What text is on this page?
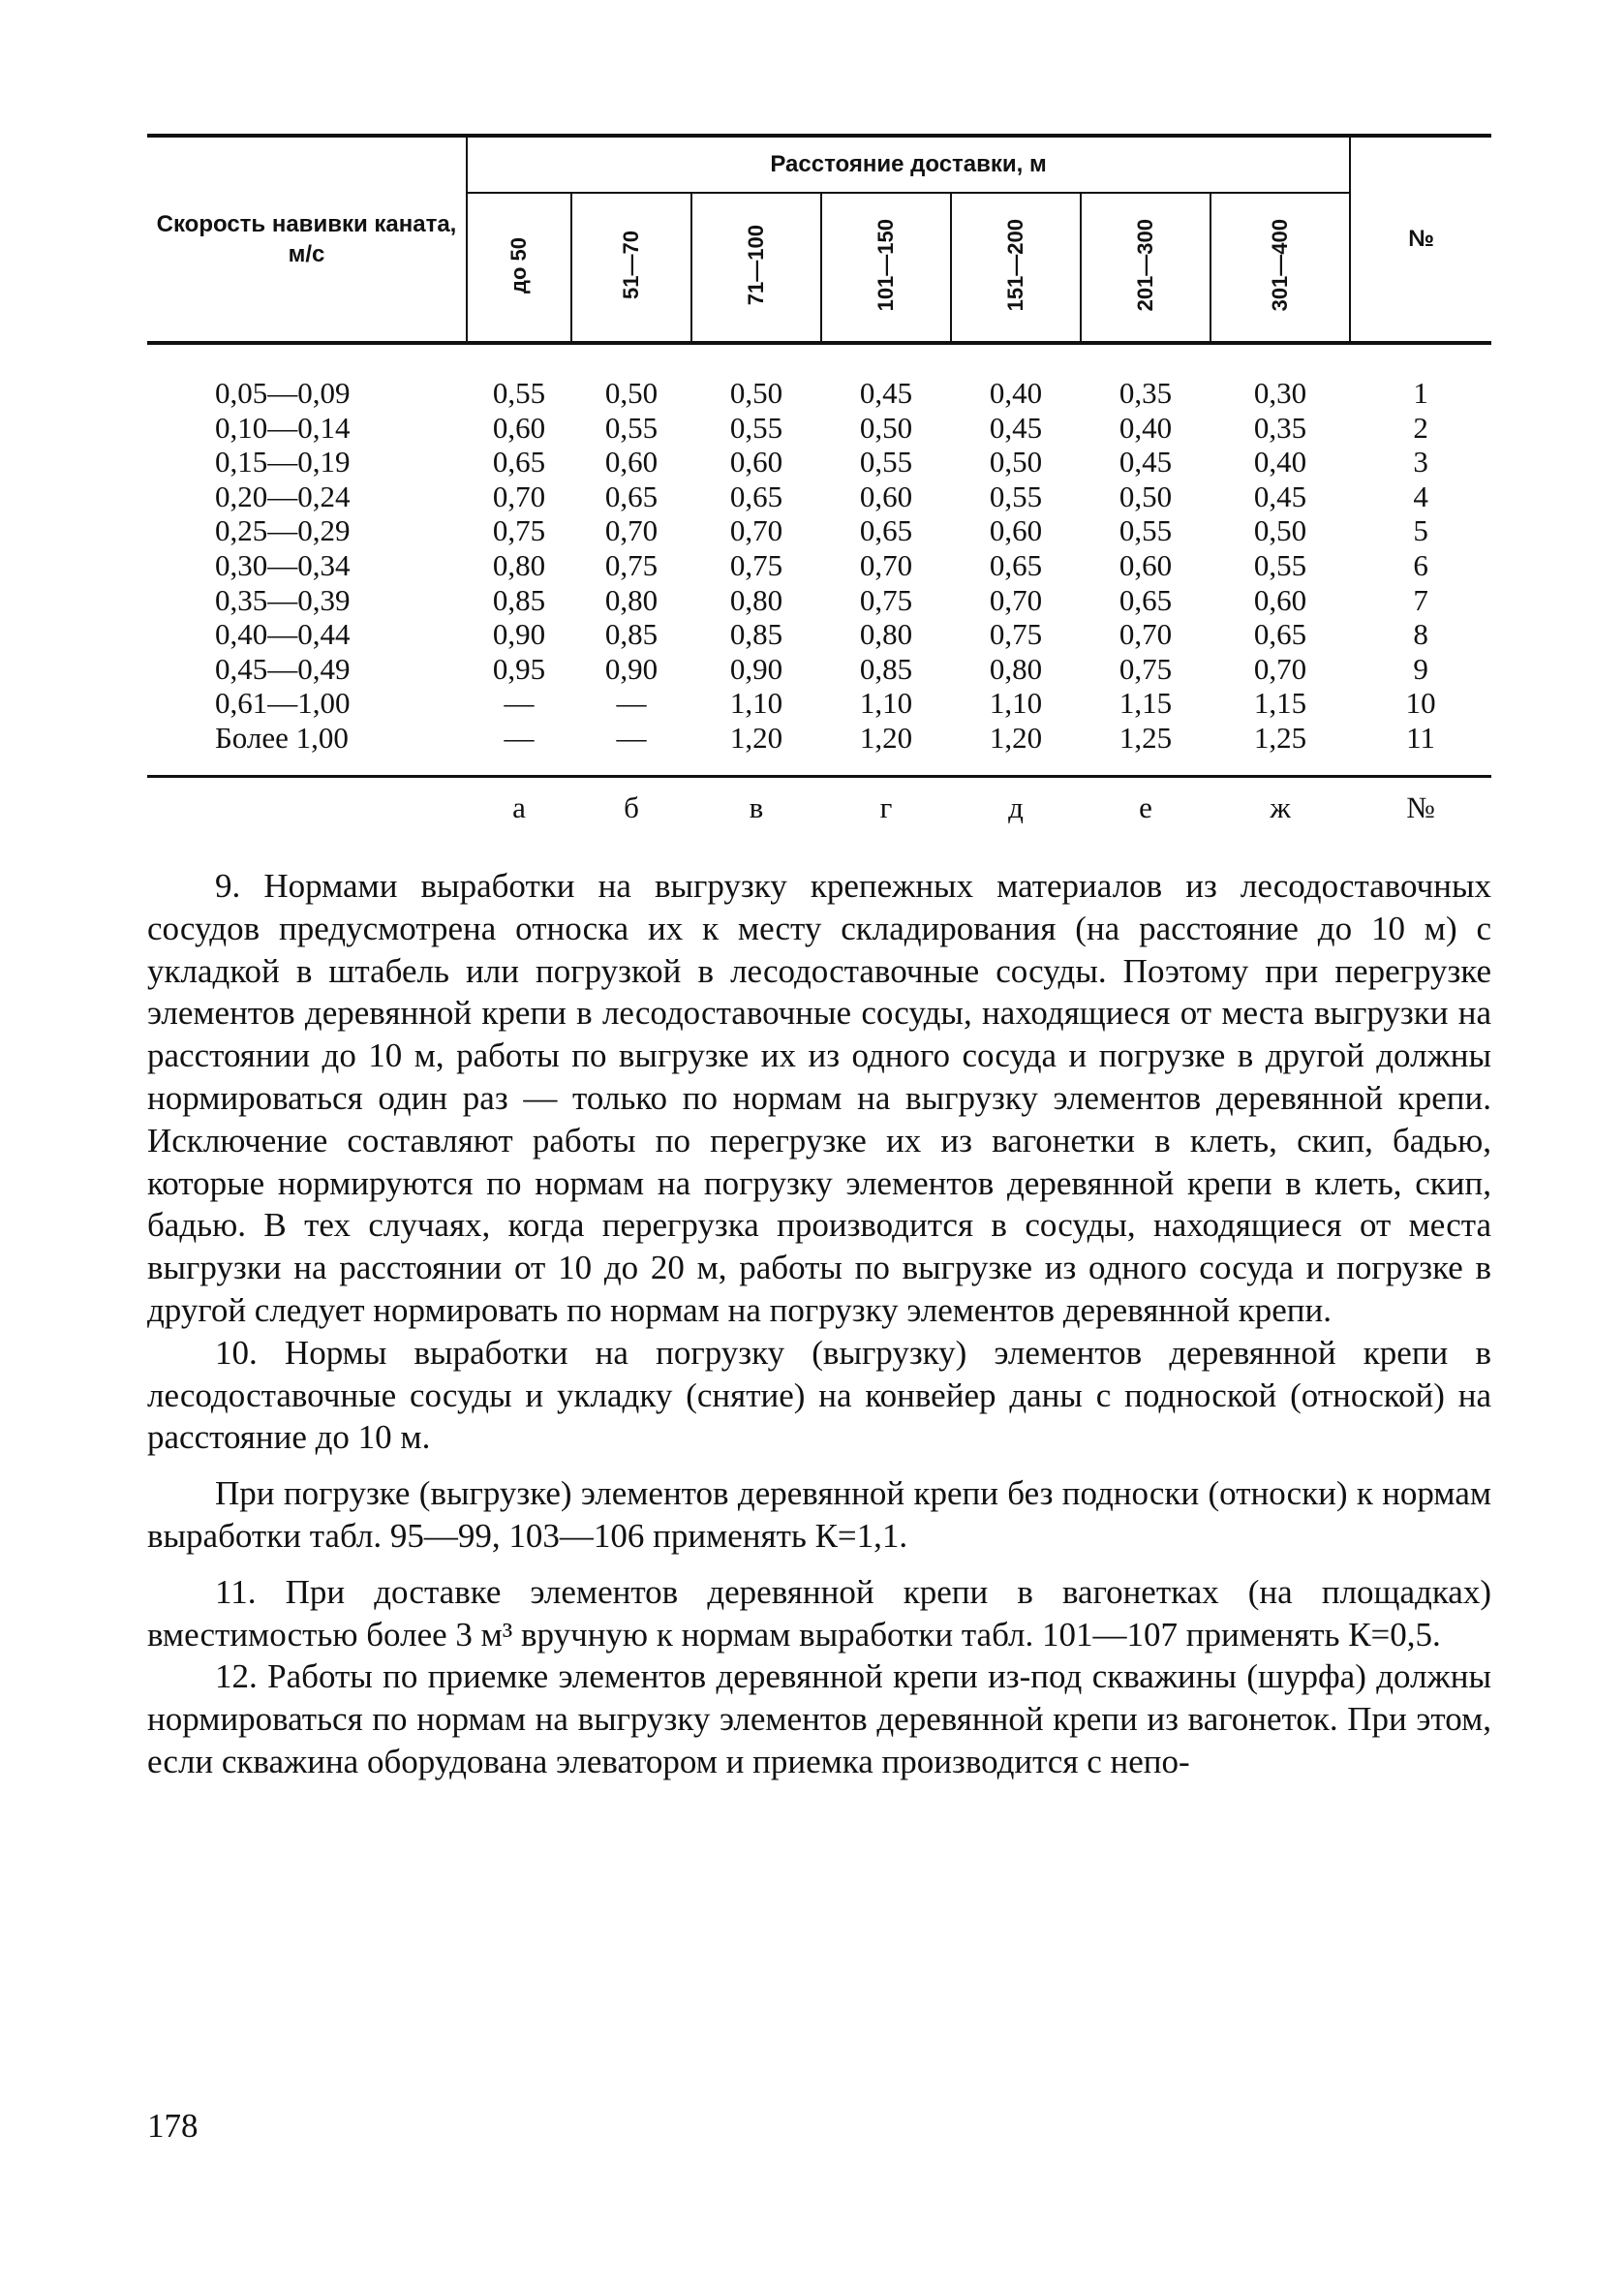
Скорость навивки каната, м/с	Расстояние доставки, м							№
	до 50	51—70	71—100	101—150	151—200	201—300	301—400	

0,05—0,09	0,55	0,50	0,50	0,45	0,40	0,35	0,30	1
0,10—0,14	0,60	0,55	0,55	0,50	0,45	0,40	0,35	2
0,15—0,19	0,65	0,60	0,60	0,55	0,50	0,45	0,40	3
0,20—0,24	0,70	0,65	0,65	0,60	0,55	0,50	0,45	4
0,25—0,29	0,75	0,70	0,70	0,65	0,60	0,55	0,50	5
0,30—0,34	0,80	0,75	0,75	0,70	0,65	0,60	0,55	6
0,35—0,39	0,85	0,80	0,80	0,75	0,70	0,65	0,60	7
0,40—0,44	0,90	0,85	0,85	0,80	0,75	0,70	0,65	8
0,45—0,49	0,95	0,90	0,90	0,85	0,80	0,75	0,70	9
0,61—1,00	—	—	1,10	1,10	1,10	1,15	1,15	10
Более 1,00	—	—	1,20	1,20	1,20	1,25	1,25	11

	а	б	в	г	д	е	ж	№

9. Нормами выработки на выгрузку крепежных материалов из лесодоставочных сосудов предусмотрена относка их к месту складирования (на расстояние до 10 м) с укладкой в штабель или погрузкой в лесодоставочные сосуды. Поэтому при перегрузке элементов деревянной крепи в лесодоставочные сосуды, находящиеся от места выгрузки на расстоянии до 10 м, работы по выгрузке их из одного сосуда и погрузке в другой должны нормироваться один раз — только по нормам на выгрузку элементов деревянной крепи. Исключение составляют работы по перегрузке их из вагонетки в клеть, скип, бадью, которые нормируются по нормам на погрузку элементов деревянной крепи в клеть, скип, бадью. В тех случаях, когда перегрузка производится в сосуды, находящиеся от места выгрузки на расстоянии от 10 до 20 м, работы по выгрузке из одного сосуда и погрузке в другой следует нормировать по нормам на погрузку элементов деревянной крепи.

10. Нормы выработки на погрузку (выгрузку) элементов деревянной крепи в лесодоставочные сосуды и укладку (снятие) на конвейер даны с подноской (отноской) на расстояние до 10 м.

При погрузке (выгрузке) элементов деревянной крепи без подноски (относки) к нормам выработки табл. 95—99, 103—106 применять К=1,1.

11. При доставке элементов деревянной крепи в вагонетках (на площадках) вместимостью более 3 м³ вручную к нормам выработки табл. 101—107 применять К=0,5.

12. Работы по приемке элементов деревянной крепи из-под скважины (шурфа) должны нормироваться по нормам на выгрузку элементов деревянной крепи из вагонеток. При этом, если скважина оборудована элеватором и приемка производится с непо-

178
